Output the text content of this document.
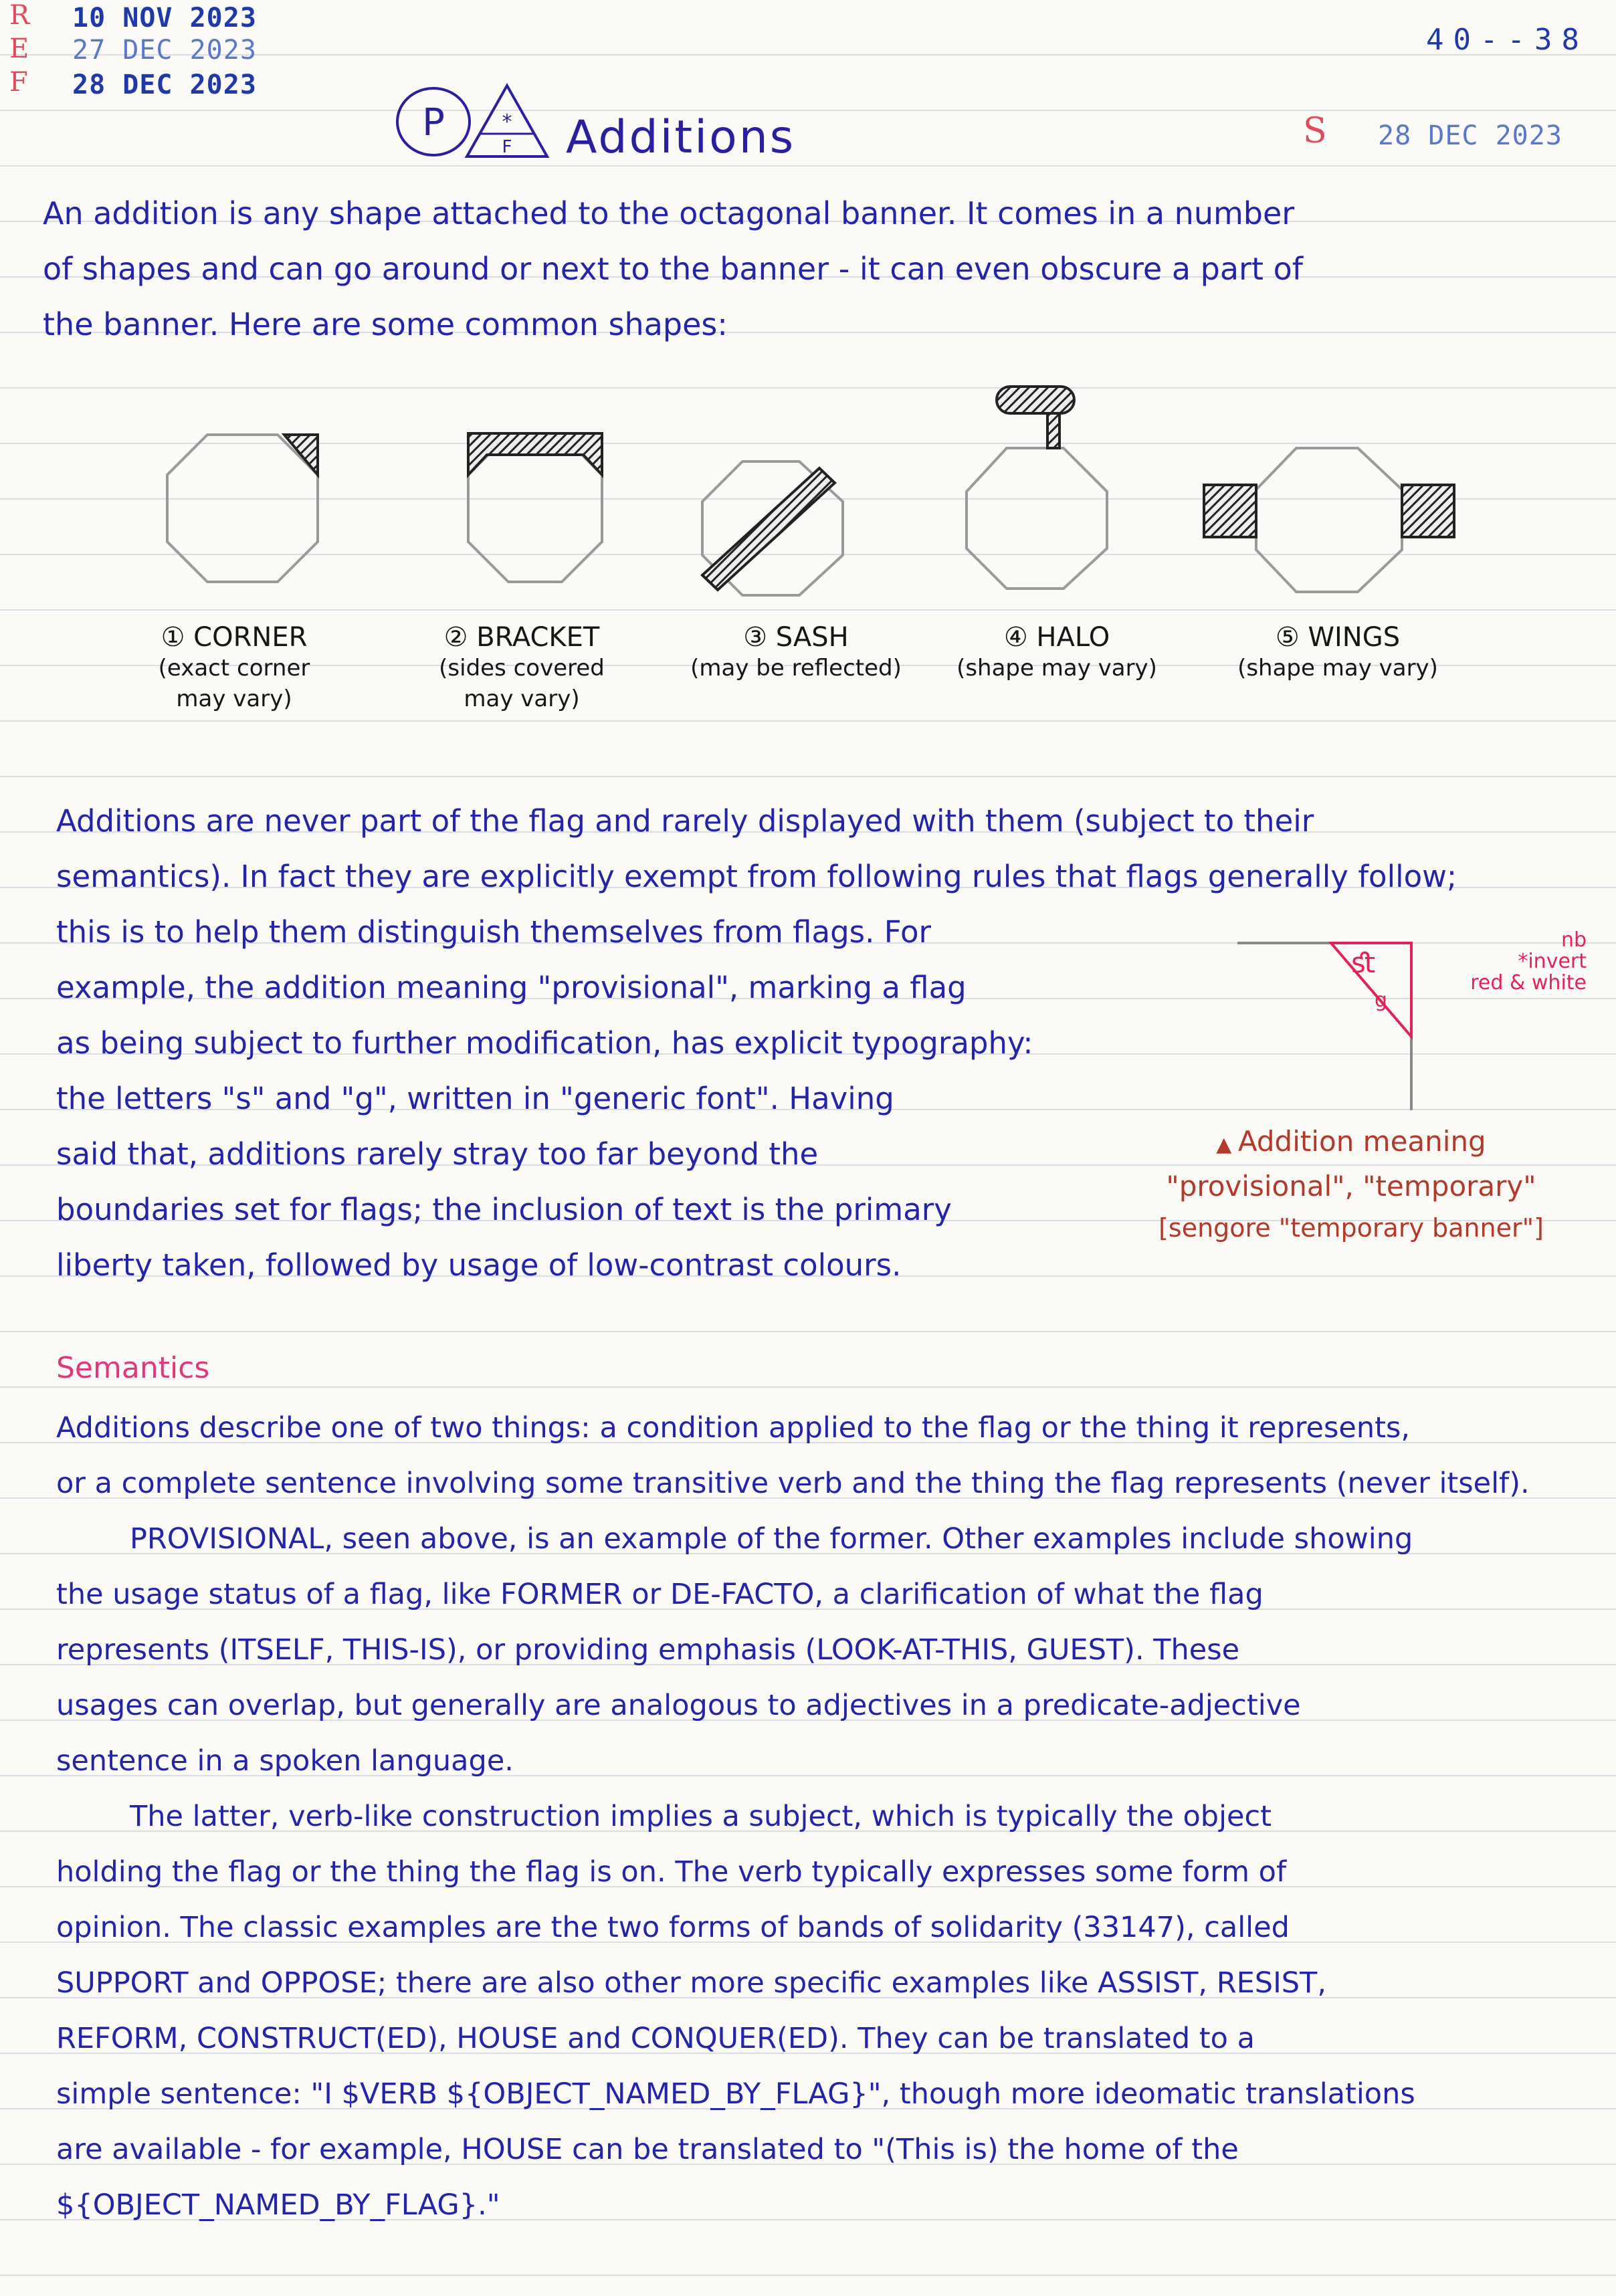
R
E
F
10 NOV 2023
27 DEC 2023
28 DEC 2023
40--38
S 28 DEC 2023
P	*
F Additions
An addition is any shape attached to the octagonal banner. It comes in a number
of shapes and can go around or next to the banner - it can even obscure a part of
the banner. Here are some common shapes:
① CORNER
(exact corner
may vary)
② BRACKET
(sides covered
may vary)
③ SASH
(may be reflected)
④ HALO
(shape may vary)
⑤ WINGS
(shape may vary)
Additions are never part of the flag and rarely displayed with them (subject to their
semantics). In fact they are explicitly exempt from following rules that flags generally follow;
this is to help them distinguish themselves from flags. For
example, the addition meaning "provisional", marking a flag
as being subject to further modification, has explicit typography:
the letters "s" and "g", written in "generic font". Having
said that, additions rarely stray too far beyond the
boundaries set for flags; the inclusion of text is the primary
liberty taken, followed by usage of low-contrast colours.
ﬆ
g
nb
*invert
red & white
▲ Addition meaning
"provisional", "temporary"
[sengore "temporary banner"]
Semantics
Additions describe one of two things: a condition applied to the flag or the thing it represents,
or a complete sentence involving some transitive verb and the thing the flag represents (never itself).
PROVISIONAL, seen above, is an example of the former. Other examples include showing
the usage status of a flag, like FORMER or DE-FACTO, a clarification of what the flag
represents (ITSELF, THIS-IS), or providing emphasis (LOOK-AT-THIS, GUEST). These
usages can overlap, but generally are analogous to adjectives in a predicate-adjective
sentence in a spoken language.
The latter, verb-like construction implies a subject, which is typically the object
holding the flag or the thing the flag is on. The verb typically expresses some form of
opinion. The classic examples are the two forms of bands of solidarity (33147), called
SUPPORT and OPPOSE; there are also other more specific examples like ASSIST, RESIST,
REFORM, CONSTRUCT(ED), HOUSE and CONQUER(ED). They can be translated to a
simple sentence: "I $VERB ${OBJECT_NAMED_BY_FLAG}", though more ideomatic translations
are available - for example, HOUSE can be translated to "(This is) the home of the
${OBJECT_NAMED_BY_FLAG}."
